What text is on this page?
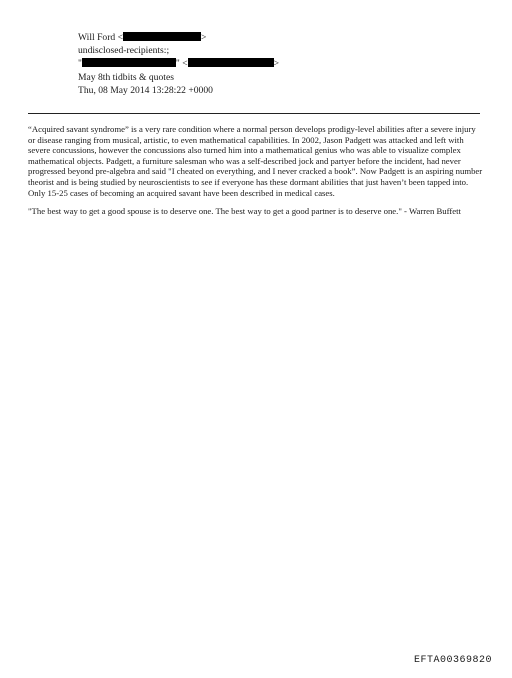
Will Ford <	>
undisclosed-recipients:;
"	" <	>
May 8th tidbits & quotes
Thu, 08 May 2014 13:28:22 +0000

“Acquired savant syndrome” is a very rare condition where a normal person develops prodigy-level abilities after a severe injury or disease ranging from musical, artistic, to even mathematical capabilities. In 2002, Jason Padgett was attacked and left with severe concussions, however the concussions also turned him into a mathematical genius who was able to visualize complex mathematical objects. Padgett, a furniture salesman who was a self-described jock and partyer before the incident, had never progressed beyond pre-algebra and said "I cheated on everything, and I never cracked a book”. Now Padgett is an aspiring number theorist and is being studied by neuroscientists to see if everyone has these dormant abilities that just haven’t been tapped into. Only 15-25 cases of becoming an acquired savant have been described in medical cases.

"The best way to get a good spouse is to deserve one. The best way to get a good partner is to deserve one." - Warren Buffett

EFTA00369820
